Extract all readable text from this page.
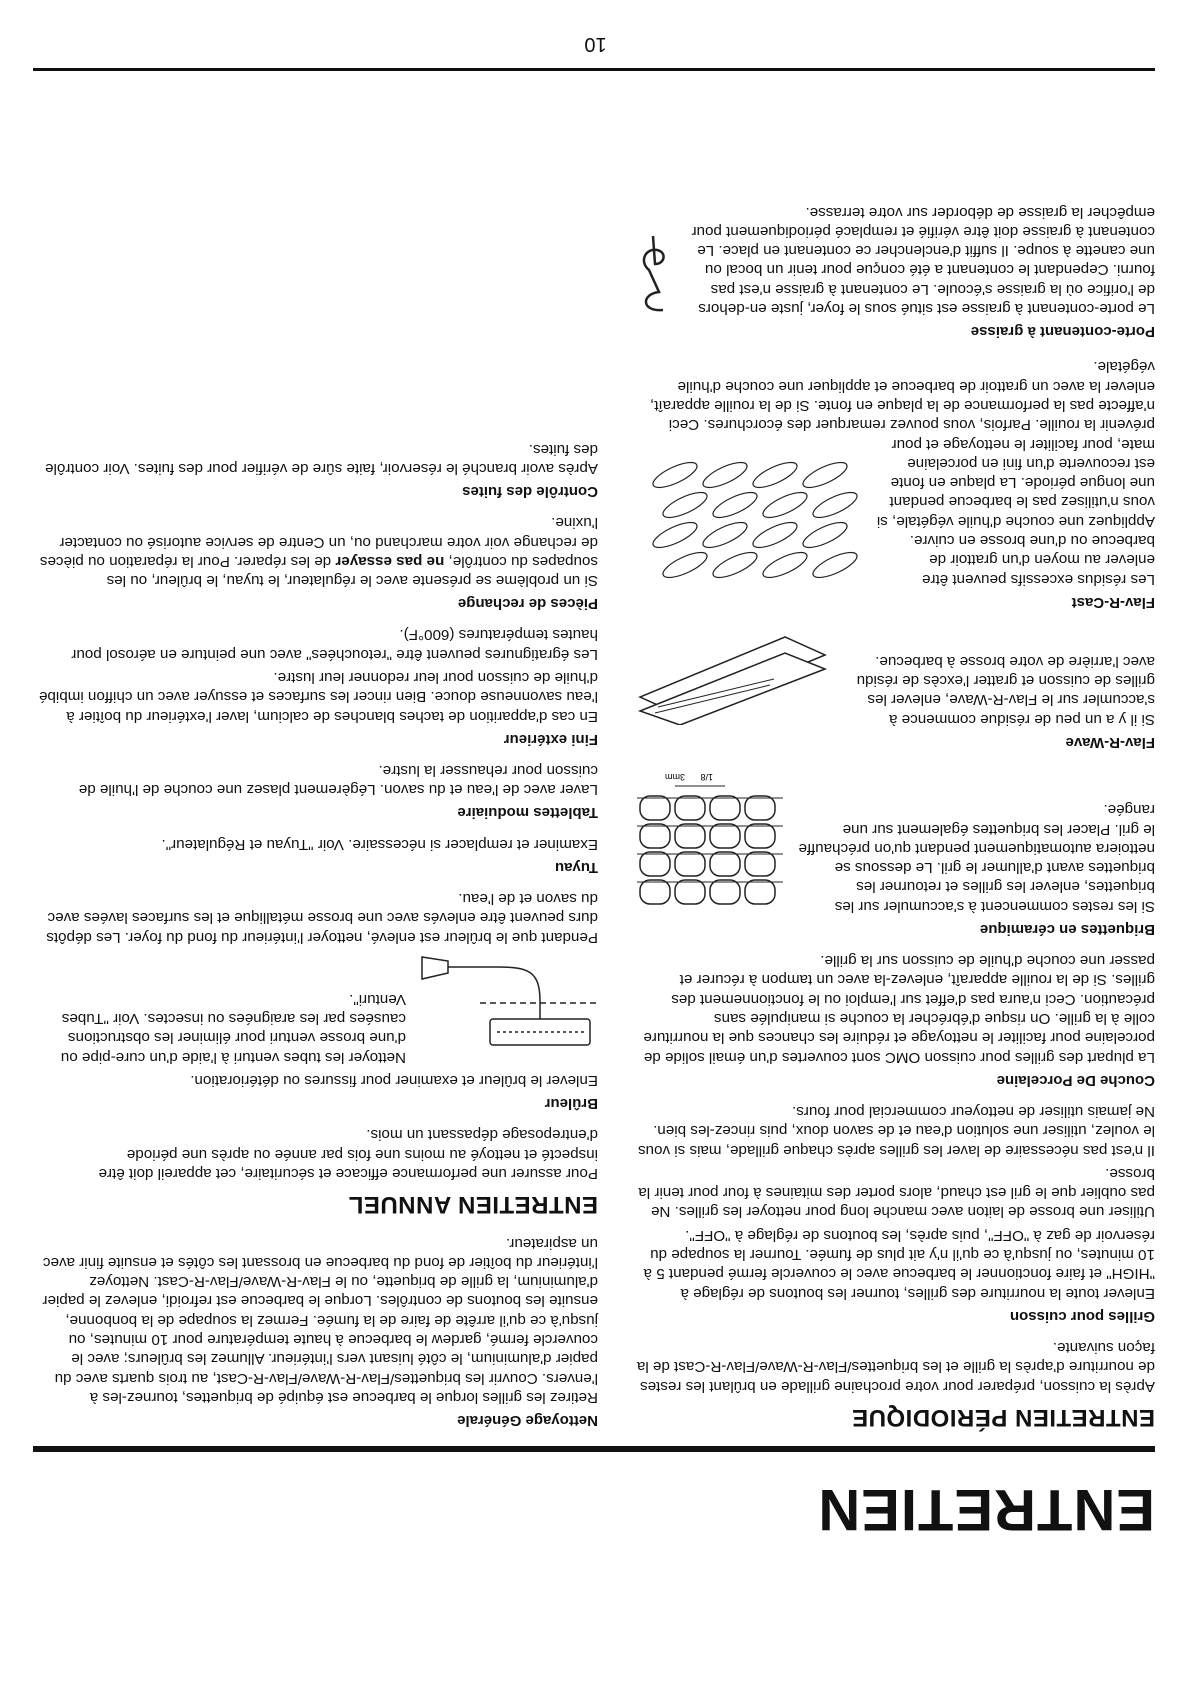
ENTRETIEN
ENTRETIEN PÉRIODIQUE

Après la cuisson, préparer pour votre prochaine grillade en brûlant les restes de nourriture d'après la grille et les briquettes/Flav-R-Wave/Flav-R-Cast de la façon suivante.

Grilles pour cuisson

Enlever toute la nourriture des grilles, tourner les boutons de réglage à "HIGH" et faire fonctionner le barbecue avec le couvercle fermé pendant 5 à 10 minutes, ou jusqu'à ce qu'il n'y ait plus de fumée. Tourner la soupape du réservoir de gaz à "OFF", puis après, les boutons de réglage à "OFF".

Utiliser une brosse de laiton avec manche long pour nettoyer les grilles. Ne pas oublier que le gril est chaud, alors porter des mitaines à four pour tenir la brosse.

Il n'est pas nécessaire de laver les grilles après chaque grillade, mais si vous le voulez, utiliser une solution d'eau et de savon doux, puis rincez-les bien. Ne jamais utiliser de nettoyeur commercial pour fours.

Couche De Porcelaine

La plupart des grilles pour cuisson OMC sont couvertes d'un émail solide de porcelaine pour faciliter le nettoyage et réduire les chances que la nourriture colle à la grille. On risque d'ébrécher la couche si manipulée sans précaution. Ceci n'aura pas d'effet sur l'emploi ou le fonctionnement des grilles. Si de la rouille apparaît, enlevez-la avec un tampon à récurer et passer une couche d'huile de cuisson sur la grille.

Briquettes en céramique
1/8
3mm

Si les restes commencent à s'accumuler sur les briquettes, enlever les grilles et retourner les briquettes avant d'allumer le gril. Le dessous se nettoiera automatiquement pendant qu'on préchauffe le gril. Placer les briquettes également sur une rangée.

Flav-R-Wave

Si il y a un peu de résidue commence à s'accumler sur le Flav-R-Wave, enlever les grilles de cuisson et gratter l'excès de résidu avec l'arrière de votre brosse à barbecue.

Flav-R-Cast

Les résidus excessifs peuvent être enlever au moyen d'un grattoir de barbecue ou d'une brosse en cuivre. Appliquez une couche d'huile végétale, si vous n'utilisez pas le barbecue pendant une longue période. La plaque en fonte est recouverte d'un fini en porcelaine mate, pour faciliter le nettoyage et pour prévenir la rouille. Parfois, vous pouvez remarquer des écorchures. Ceci n'affecte pas la performance de la plaque en fonte. Si de la rouille apparaît, enlever la avec un grattoir de barbecue et appliquer une couche d'huile végétale.

Porte-contenant à graisse

Le porte-contenant à graisse est situé sous le foyer, juste en-dehors de l'orifice où la graisse s'écoule. Le contenant à graisse n'est pas fourni. Cependant le contenant a été conçue pour tenir un bocal ou une canette à soupe. Il suffit d'enclencher ce contenant en place. Le contenant à graisse doit être vérifié et remplacé périodiquement pour empêcher la graisse de déborder sur votre terrasse.

Nettoyage Générale

Retirez les grilles lorque le barbecue est équipé de briquettes, tournez-les à l'envers. Couvrir les briquettes/Flav-R-Wave/Flav-R-Cast, au trois quarts avec du papier d'aluminium, le côté luisant vers l'intérieur. Allumez les brûleurs; avec le couvercle fermé, gardew le barbecue à haute température pour 10 minutes, ou jusqu'à ce qu'il arrête de faire de la fumée. Fermez la soupape de la bonbonne, ensuite les boutons de contrôles. Lorque le barbecue est refroidi, enlevez le papier d'aluminium, la grille de briquette, ou le Flav-R-Wave/Flav-R-Cast. Nettoyez l'intérieur du boîtier de fond du barbecue en brossant les côtés et ensuite finir avec un aspirateur.

ENTRETIEN ANNUEL

Pour assurer une performance efficace et sécuritaire, cet appareil doit être inspecté et nettoyé au moins une fois par année ou après une période d'entreposage dépassant un mois.

Brûleur

Enlever le brûleur et examiner pour fissures ou détérioration.

Nettoyer les tubes venturi à l'aide d'un cure-pipe ou d'une brosse venturi pour éliminer les obstructions causées par les araignées ou insectes. Voir "Tubes Venturi".

Pendant que le brûleur est enlevé, nettoyer l'intérieur du fond du foyer. Les dépôts durs peuvent être enlevés avec une brosse métallique et les surfaces lavées avec du savon et de l'eau.

Tuyau

Examiner et remplacer si nécessaire. Voir "Tuyau et Régulateur".

Tablettes moduiaire

Laver avec de l'eau et du savon. Légèrement plasez une couche de l'huile de cuisson pour rehausser la lustre.

Fini extérieur

En cas d'apparition de taches blanches de calcium, laver l'extérieur du boîtier à l'eau savonneuse douce. Bien rincer les surfaces et essuyer avec un chiffon imbibé d'huile de cuisson pour leur redonner leur lustre.

Les égratignures peuvent être "retouchées" avec une peinture en aérosol pour hautes températures (600°F).

Pièces de rechange

Si un problème se présente avec le régulateur, le tuyau, le brûleur, ou les soupapes du contrôle, ne pas essayer de les réparer. Pour la réparation ou pièces de rechange voir votre marchand ou, un Centre de service autorisé ou contacter l'uxine.

Contrôle des fuites

Après avoir branché le réservoir, faite sûre de vérifier pour des fuites. Voir contrôle des fuites.

10
